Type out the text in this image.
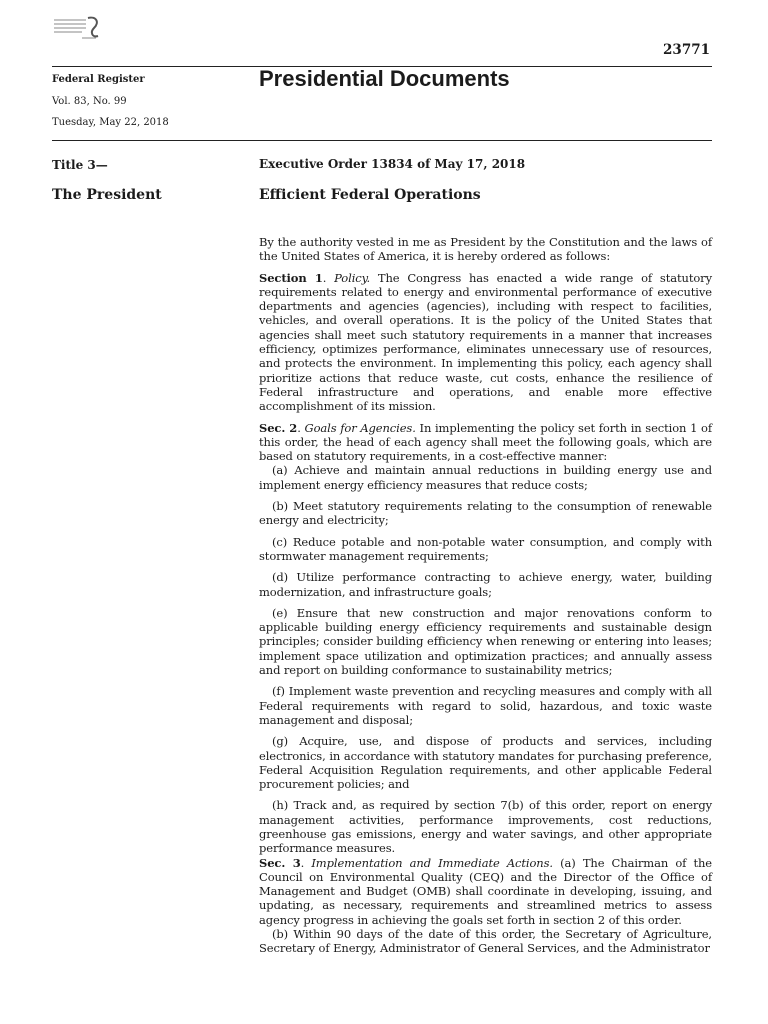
23771
Federal Register
Vol. 83, No. 99
Tuesday, May 22, 2018
Presidential Documents
Title 3—
The President
Executive Order 13834 of May 17, 2018
Efficient Federal Operations

By the authority vested in me as President by the Constitution and the laws of the United States of America, it is hereby ordered as follows:

Section 1. Policy. The Congress has enacted a wide range of statutory requirements related to energy and environmental performance of executive departments and agencies (agencies), including with respect to facilities, vehicles, and overall operations. It is the policy of the United States that agencies shall meet such statutory requirements in a manner that increases efficiency, optimizes performance, eliminates unnecessary use of resources, and protects the environment. In implementing this policy, each agency shall prioritize actions that reduce waste, cut costs, enhance the resilience of Federal infrastructure and operations, and enable more effective accomplishment of its mission.

Sec. 2. Goals for Agencies. In implementing the policy set forth in section 1 of this order, the head of each agency shall meet the following goals, which are based on statutory requirements, in a cost-effective manner:

(a) Achieve and maintain annual reductions in building energy use and implement energy efficiency measures that reduce costs;

(b) Meet statutory requirements relating to the consumption of renewable energy and electricity;

(c) Reduce potable and non-potable water consumption, and comply with stormwater management requirements;

(d) Utilize performance contracting to achieve energy, water, building modernization, and infrastructure goals;

(e) Ensure that new construction and major renovations conform to applicable building energy efficiency requirements and sustainable design principles; consider building efficiency when renewing or entering into leases; implement space utilization and optimization practices; and annually assess and report on building conformance to sustainability metrics;

(f) Implement waste prevention and recycling measures and comply with all Federal requirements with regard to solid, hazardous, and toxic waste management and disposal;

(g) Acquire, use, and dispose of products and services, including electronics, in accordance with statutory mandates for purchasing preference, Federal Acquisition Regulation requirements, and other applicable Federal procurement policies; and

(h) Track and, as required by section 7(b) of this order, report on energy management activities, performance improvements, cost reductions, greenhouse gas emissions, energy and water savings, and other appropriate performance measures.

Sec. 3. Implementation and Immediate Actions. (a) The Chairman of the Council on Environmental Quality (CEQ) and the Director of the Office of Management and Budget (OMB) shall coordinate in developing, issuing, and updating, as necessary, requirements and streamlined metrics to assess agency progress in achieving the goals set forth in section 2 of this order.

(b) Within 90 days of the date of this order, the Secretary of Agriculture, Secretary of Energy, Administrator of General Services, and the Administrator
